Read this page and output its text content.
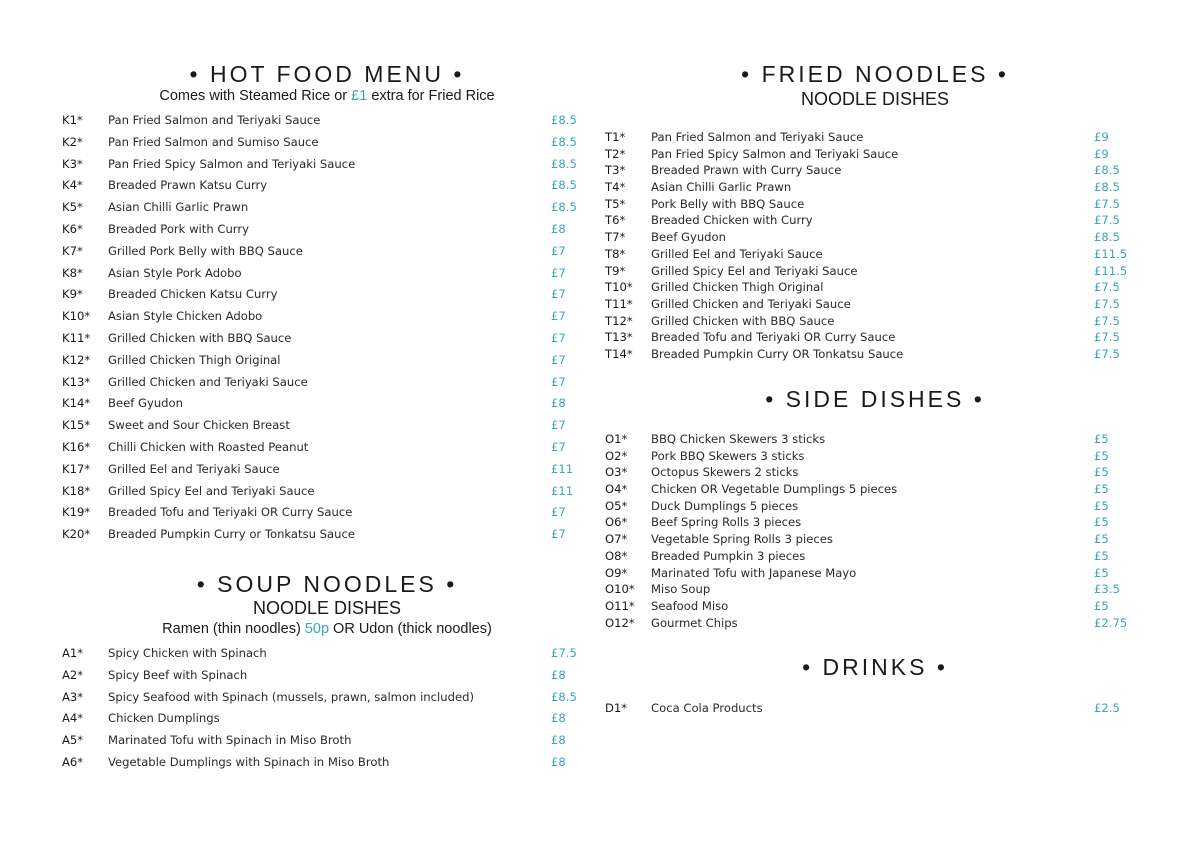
• HOT FOOD MENU •
Comes with Steamed Rice or £1 extra for Fried Rice
K1* Pan Fried Salmon and Teriyaki Sauce	£8.5
K2* Pan Fried Salmon and Sumiso Sauce	£8.5
K3* Pan Fried Spicy Salmon and Teriyaki Sauce	£8.5
K4* Breaded Prawn Katsu Curry	£8.5
K5* Asian Chilli Garlic Prawn	£8.5
K6* Breaded Pork with Curry	£8
K7* Grilled Pork Belly with BBQ Sauce	£7
K8* Asian Style Pork Adobo	£7
K9* Breaded Chicken Katsu Curry	£7
K10* Asian Style Chicken Adobo	£7
K11* Grilled Chicken with BBQ Sauce	£7
K12* Grilled Chicken Thigh Original	£7
K13* Grilled Chicken and Teriyaki Sauce	£7
K14* Beef Gyudon	£8
K15* Sweet and Sour Chicken Breast	£7
K16* Chilli Chicken with Roasted Peanut	£7
K17* Grilled Eel and Teriyaki Sauce	£11
K18* Grilled Spicy Eel and Teriyaki Sauce	£11
K19* Breaded Tofu and Teriyaki OR Curry Sauce	£7
K20* Breaded Pumpkin Curry or Tonkatsu Sauce	£7
• SOUP NOODLES •
NOODLE DISHES
Ramen (thin noodles) 50p OR Udon (thick noodles)
A1* Spicy Chicken with Spinach	£7.5
A2* Spicy Beef with Spinach	£8
A3* Spicy Seafood with Spinach (mussels, prawn, salmon included)	£8.5
A4* Chicken Dumplings	£8
A5* Marinated Tofu with Spinach in Miso Broth	£8
A6* Vegetable Dumplings with Spinach in Miso Broth	£8
• FRIED NOODLES •
NOODLE DISHES
T1* Pan Fried Salmon and Teriyaki Sauce	£9
T2* Pan Fried Spicy Salmon and Teriyaki Sauce	£9
T3* Breaded Prawn with Curry Sauce	£8.5
T4* Asian Chilli Garlic Prawn	£8.5
T5* Pork Belly with BBQ Sauce	£7.5
T6* Breaded Chicken with Curry	£7.5
T7* Beef Gyudon	£8.5
T8* Grilled Eel and Teriyaki Sauce	£11.5
T9* Grilled Spicy Eel and Teriyaki Sauce	£11.5
T10* Grilled Chicken Thigh Original	£7.5
T11* Grilled Chicken and Teriyaki Sauce	£7.5
T12* Grilled Chicken with BBQ Sauce	£7.5
T13* Breaded Tofu and Teriyaki OR Curry Sauce	£7.5
T14* Breaded Pumpkin Curry OR Tonkatsu Sauce	£7.5
• SIDE DISHES •
O1* BBQ Chicken Skewers 3 sticks	£5
O2* Pork BBQ Skewers 3 sticks	£5
O3* Octopus Skewers 2 sticks	£5
O4* Chicken OR Vegetable Dumplings 5 pieces	£5
O5* Duck Dumplings 5 pieces	£5
O6* Beef Spring Rolls 3 pieces	£5
O7* Vegetable Spring Rolls 3 pieces	£5
O8* Breaded Pumpkin 3 pieces	£5
O9* Marinated Tofu with Japanese Mayo	£5
O10* Miso Soup	£3.5
O11* Seafood Miso	£5
O12* Gourmet Chips	£2.75
• DRINKS •
D1* Coca Cola Products	£2.5
